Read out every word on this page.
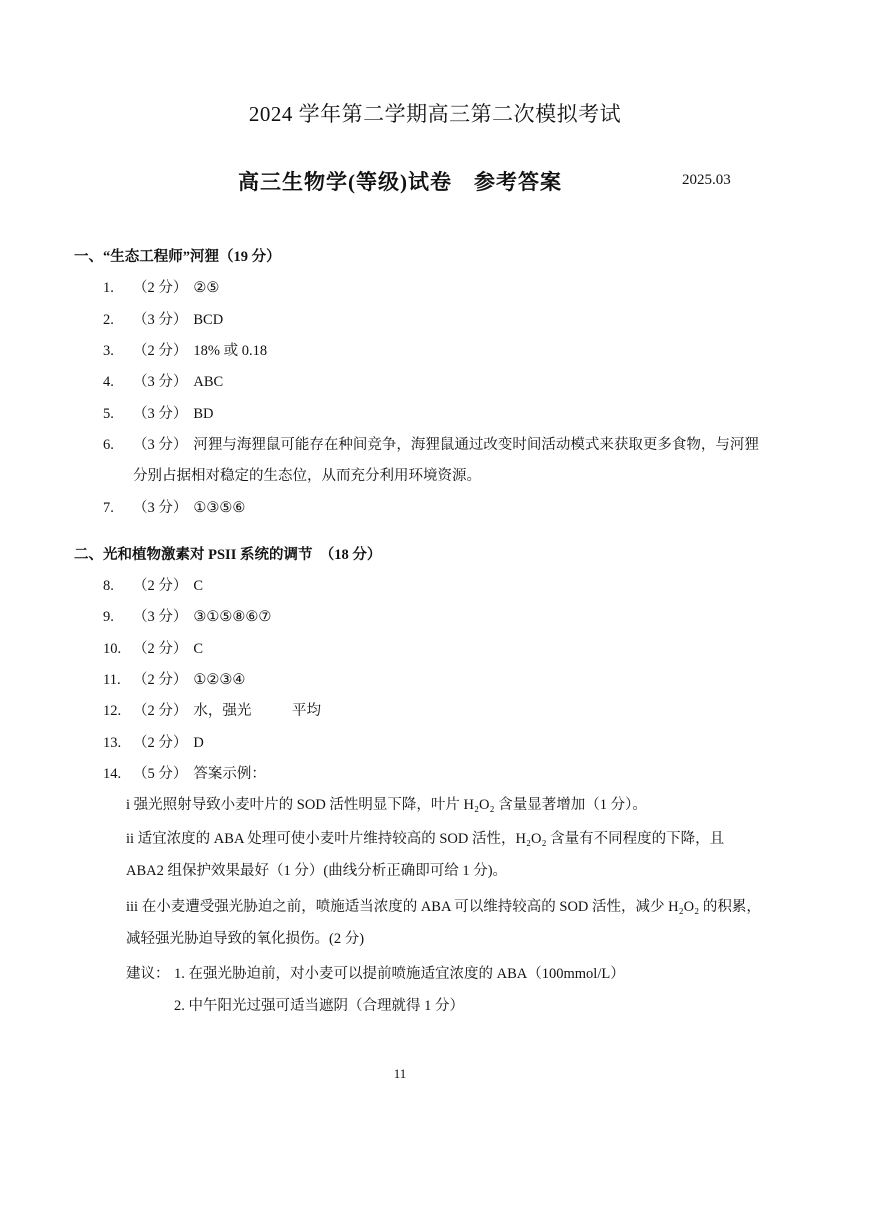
2024 学年第二学期高三第二次模拟考试
高三生物学(等级)试卷　参考答案	2025.03
一、“生态工程师”河狸（19 分）
1. （2 分） ②⑤
2. （3 分） BCD
3. （2 分） 18% 或 0.18
4. （3 分） ABC
5. （3 分） BD
6. （3 分） 河狸与海狸鼠可能存在种间竞争，海狸鼠通过改变时间活动模式来获取更多食物，与河狸
分别占据相对稳定的生态位，从而充分利用环境资源。
7. （3 分） ①③⑤⑥
二、光和植物激素对 PSII 系统的调节　（18 分）
8. （2 分） C
9. （3 分） ③①⑤⑧⑥⑦
10. （2 分） C
11. （2 分） ①②③④
12. （2 分） 水，强光	平均
13. （2 分） D
14. （5 分） 答案示例：
i 强光照射导致小麦叶片的 SOD 活性明显下降，叶片 H₂O₂ 含量显著增加（1 分）。
ii 适宜浓度的 ABA 处理可使小麦叶片维持较高的 SOD 活性，H₂O₂ 含量有不同程度的下降，且
ABA2 组保护效果最好（1 分）(曲线分析正确即可给 1 分)。
iii 在小麦遭受强光胁迫之前，喷施适当浓度的 ABA 可以维持较高的 SOD 活性，减少 H₂O₂ 的积累，
减轻强光胁迫导致的氧化损伤。(2 分)
建议： 1. 在强光胁迫前，对小麦可以提前喷施适宜浓度的 ABA（100mmol/L）
2. 中午阳光过强可适当遮阴（合理就得 1 分）
11
